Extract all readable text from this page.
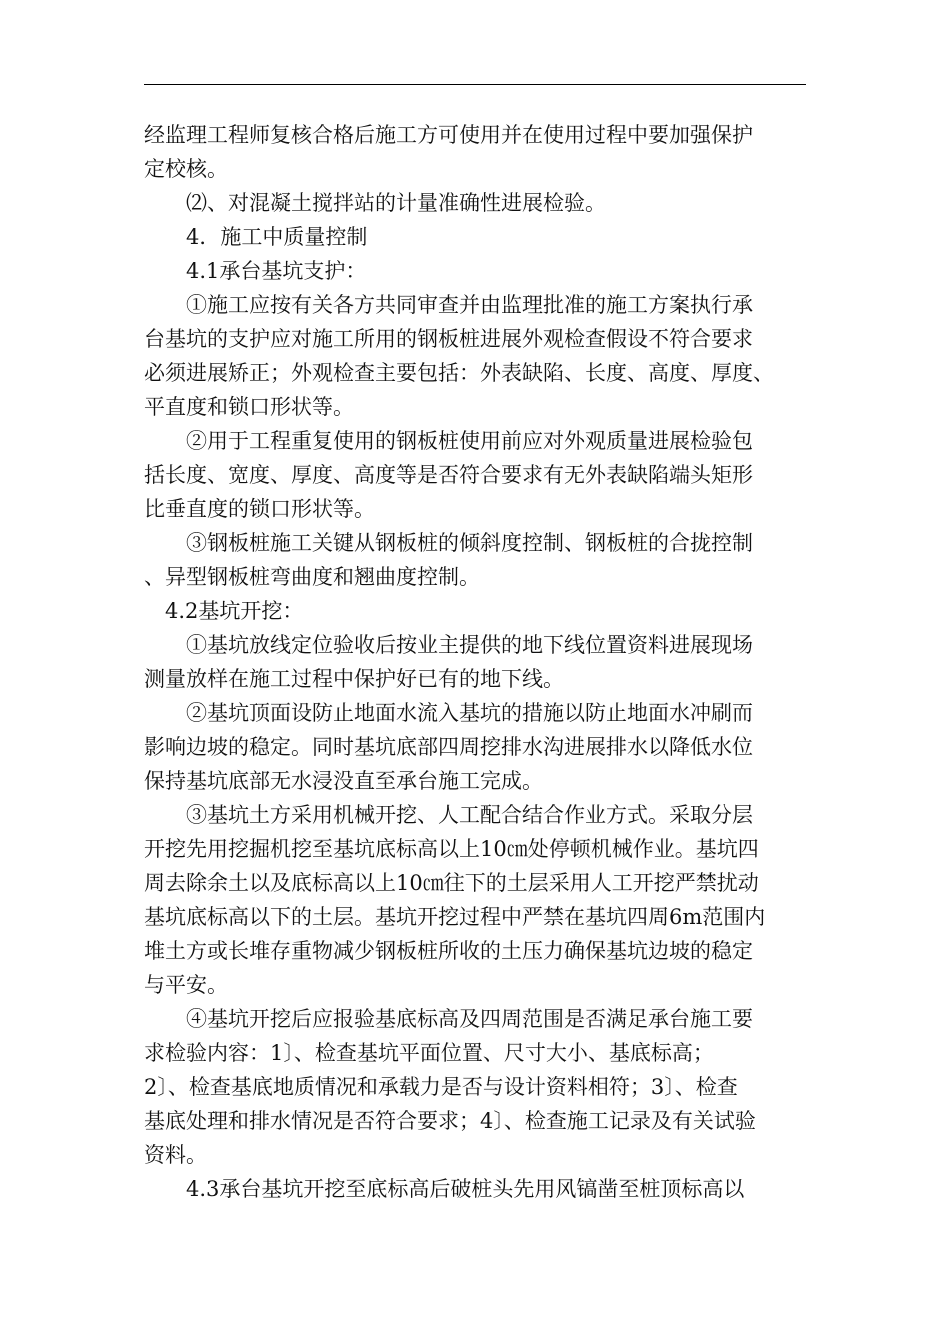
经监理工程师复核合格后施工方可使用并在使用过程中要加强保护
定校核。
⑵、对混凝土搅拌站的计量准确性进展检验。
4．施工中质量控制
4.1承台基坑支护：
①施工应按有关各方共同审查并由监理批准的施工方案执行承
台基坑的支护应对施工所用的钢板桩进展外观检查假设不符合要求
必须进展矫正；外观检查主要包括：外表缺陷、长度、高度、厚度、
平直度和锁口形状等。
②用于工程重复使用的钢板桩使用前应对外观质量进展检验包
括长度、宽度、厚度、高度等是否符合要求有无外表缺陷端头矩形
比垂直度的锁口形状等。
③钢板桩施工关键从钢板桩的倾斜度控制、钢板桩的合拢控制
、异型钢板桩弯曲度和翘曲度控制。
4.2基坑开挖：
①基坑放线定位验收后按业主提供的地下线位置资料进展现场
测量放样在施工过程中保护好已有的地下线。
②基坑顶面设防止地面水流入基坑的措施以防止地面水冲刷而
影响边坡的稳定。同时基坑底部四周挖排水沟进展排水以降低水位
保持基坑底部无水浸没直至承台施工完成。
③基坑土方采用机械开挖、人工配合结合作业方式。采取分层
开挖先用挖掘机挖至基坑底标高以上10㎝处停顿机械作业。基坑四
周去除余土以及底标高以上10㎝往下的土层采用人工开挖严禁扰动
基坑底标高以下的土层。基坑开挖过程中严禁在基坑四周6m范围内
堆土方或长堆存重物减少钢板桩所收的土压力确保基坑边坡的稳定
与平安。
④基坑开挖后应报验基底标高及四周范围是否满足承台施工要
求检验内容：1〕、检查基坑平面位置、尺寸大小、基底标高；
2〕、检查基底地质情况和承载力是否与设计资料相符；3〕、检查
基底处理和排水情况是否符合要求；4〕、检查施工记录及有关试验
资料。
4.3承台基坑开挖至底标高后破桩头先用风镐凿至桩顶标高以
